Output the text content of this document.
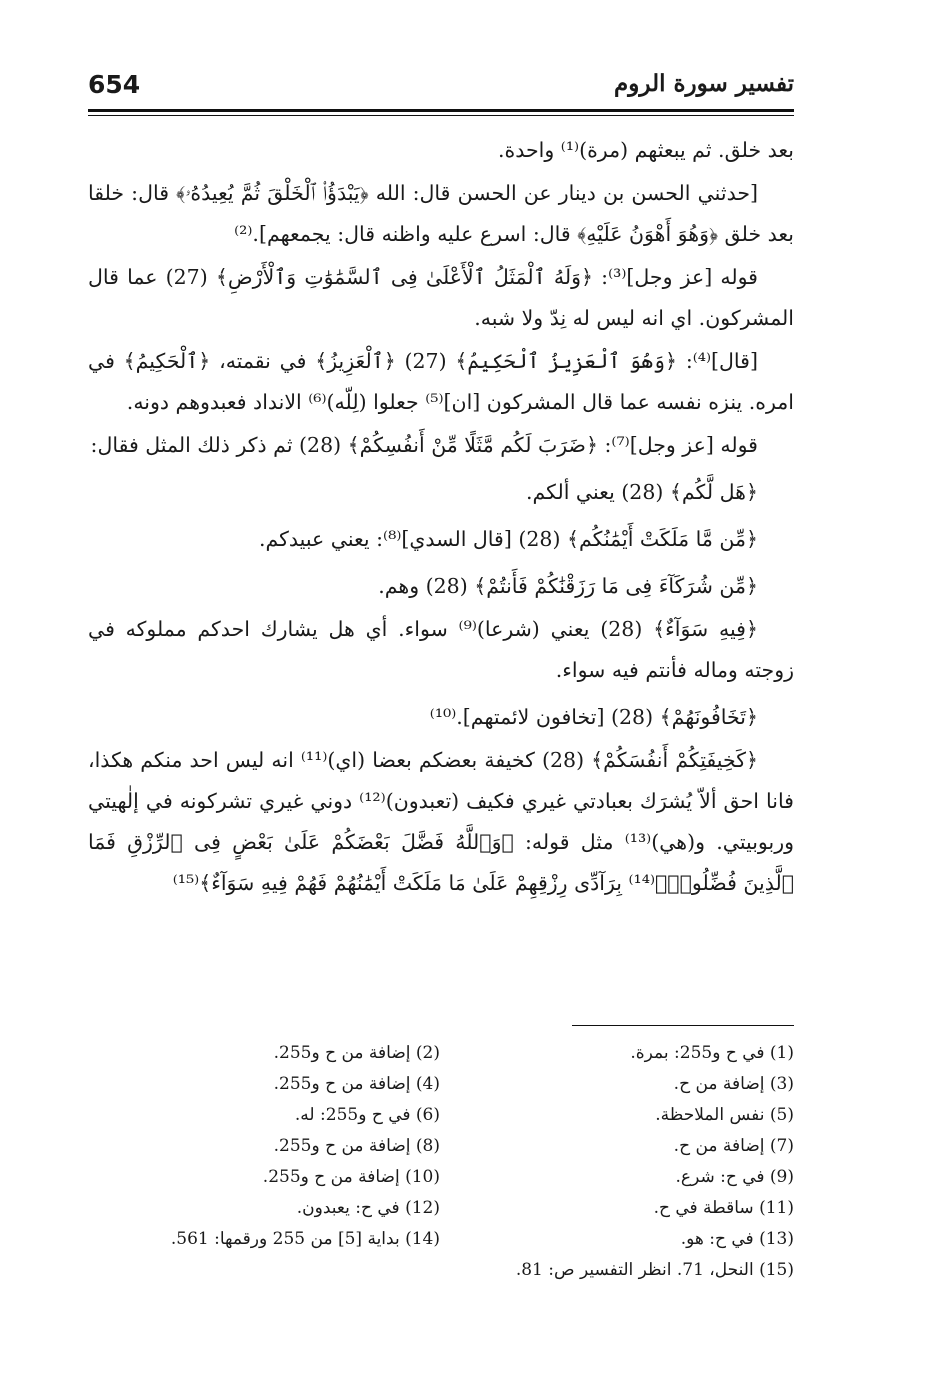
654	تفسير سورة الروم

بعد خلق. ثم يبعثهم (مرة)⁽¹⁾ واحدة.

[حدثني الحسن بن دينار عن الحسن قال: الله ﴿يَبْدَؤُا۟ ٱلْخَلْقَ ثُمَّ يُعِيدُهُۥ﴾ قال: خلقا بعد خلق ﴿وَهُوَ أَهْوَنُ عَلَيْهِ﴾ قال: اسرع عليه واظنه قال: يجمعهم].⁽²⁾

قوله [عز وجل]⁽³⁾: ﴿وَلَهُ ٱلْمَثَلُ ٱلْأَعْلَىٰ فِى ٱلسَّمَٰوَٰتِ وَٱلْأَرْضِ﴾ (27) عما قال المشركون. اي انه ليس له نِدّ ولا شبه.

[قال]⁽⁴⁾: ﴿وَهُوَ ٱلْعَزِيزُ ٱلْحَكِيمُ﴾ (27) ﴿ٱلْعَزِيزُ﴾ في نقمته، ﴿ٱلْحَكِيمُ﴾ في امره. ينزه نفسه عما قال المشركون [ان]⁽⁵⁾ جعلوا (لِلّه)⁽⁶⁾ الانداد فعبدوهم دونه.

قوله [عز وجل]⁽⁷⁾: ﴿ضَرَبَ لَكُم مَّثَلًا مِّنْ أَنفُسِكُمْ﴾ (28) ثم ذكر ذلك المثل فقال:

﴿هَل لَّكُم﴾ (28) يعني ألكم.

﴿مِّن مَّا مَلَكَتْ أَيْمَٰنُكُم﴾ (28) [قال السدي]⁽⁸⁾: يعني عبيدكم.

﴿مِّن شُرَكَآءَ فِى مَا رَزَقْنَٰكُمْ فَأَنتُمْ﴾ (28) وهم.

﴿فِيهِ سَوَآءٌ﴾ (28) يعني (شرعا)⁽⁹⁾ سواء. أي هل يشارك احدكم مملوكه في زوجته وماله فأنتم فيه سواء.

﴿تَخَافُونَهُمْ﴾ (28) [تخافون لائمتهم].⁽¹⁰⁾

﴿كَخِيفَتِكُمْ أَنفُسَكُمْ﴾ (28) كخيفة بعضكم بعضا (اي)⁽¹¹⁾ انه ليس احد منكم هكذا، فانا احق ألاّ يُشرَك بعبادتي غيري فكيف (تعبدون)⁽¹²⁾ دوني غيري تشركونه في إلٰهيتي وربوبيتي. و(هي)⁽¹³⁾ مثل قوله: ﴿وَٱللَّهُ فَضَّلَ بَعْضَكُمْ عَلَىٰ بَعْضٍ فِى ٱلرِّزْقِ فَمَا ٱلَّذِينَ فُضِّلُوا۟﴾⁽¹⁴⁾ بِرَآدِّى رِزْقِهِمْ عَلَىٰ مَا مَلَكَتْ أَيْمَٰنُهُمْ فَهُمْ فِيهِ سَوَآءٌ﴾⁽¹⁵⁾

(1) في ح و255: بمرة.
(3) إضافة من ح.
(5) نفس الملاحظة.
(7) إضافة من ح.
(9) في ح: شرع.
(11) ساقطة في ح.
(13) في ح: هو.
(15) النحل، 71. انظر التفسير ص: 81.
(2) إضافة من ح و255.
(4) إضافة من ح و255.
(6) في ح و255: له.
(8) إضافة من ح و255.
(10) إضافة من ح و255.
(12) في ح: يعبدون.
(14) بداية [5] من 255 ورقمها: 561.
